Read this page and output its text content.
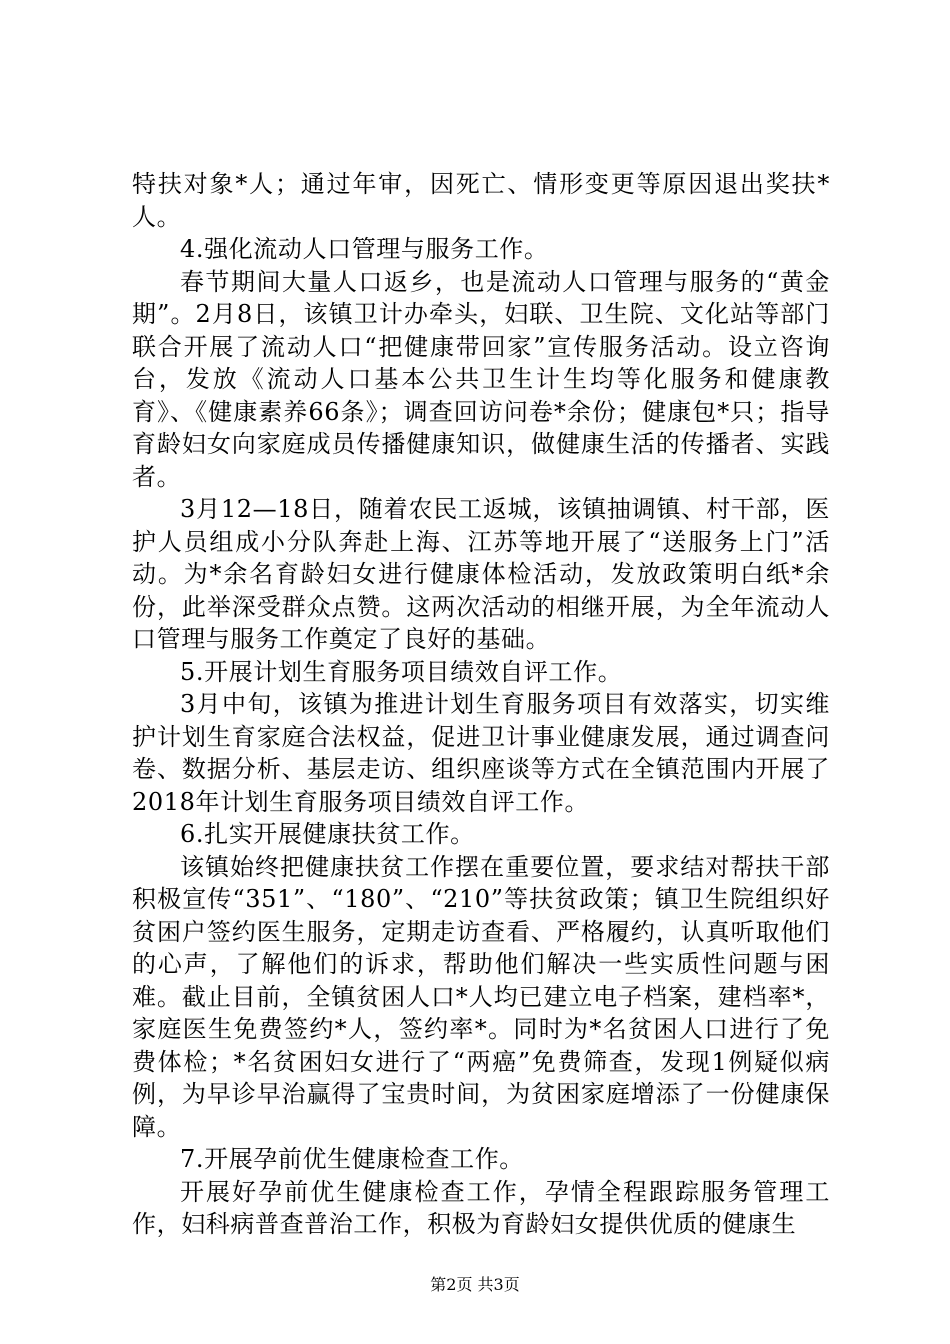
特扶对象*人；通过年审，因死亡、情形变更等原因退出奖扶*人。

4.强化流动人口管理与服务工作。

春节期间大量人口返乡，也是流动人口管理与服务的“黄金期”。2月8日，该镇卫计办牵头，妇联、卫生院、文化站等部门联合开展了流动人口“把健康带回家”宣传服务活动。设立咨询台，发放《流动人口基本公共卫生计生均等化服务和健康教育》、《健康素养66条》；调查回访问卷*余份；健康包*只；指导育龄妇女向家庭成员传播健康知识，做健康生活的传播者、实践者。

3月12—18日，随着农民工返城，该镇抽调镇、村干部，医护人员组成小分队奔赴上海、江苏等地开展了“送服务上门”活动。为*余名育龄妇女进行健康体检活动，发放政策明白纸*余份，此举深受群众点赞。这两次活动的相继开展，为全年流动人口管理与服务工作奠定了良好的基础。

5.开展计划生育服务项目绩效自评工作。

3月中旬，该镇为推进计划生育服务项目有效落实，切实维护计划生育家庭合法权益，促进卫计事业健康发展，通过调查问卷、数据分析、基层走访、组织座谈等方式在全镇范围内开展了2018年计划生育服务项目绩效自评工作。

6.扎实开展健康扶贫工作。

该镇始终把健康扶贫工作摆在重要位置，要求结对帮扶干部积极宣传“351”、“180”、“210”等扶贫政策；镇卫生院组织好贫困户签约医生服务，定期走访查看、严格履约，认真听取他们的心声，了解他们的诉求，帮助他们解决一些实质性问题与困难。截止目前，全镇贫困人口*人均已建立电子档案，建档率*，家庭医生免费签约*人，签约率*。同时为*名贫困人口进行了免费体检；*名贫困妇女进行了“两癌”免费筛查，发现1例疑似病例，为早诊早治赢得了宝贵时间，为贫困家庭增添了一份健康保障。

7.开展孕前优生健康检查工作。

开展好孕前优生健康检查工作，孕情全程跟踪服务管理工作，妇科病普查普治工作，积极为育龄妇女提供优质的健康生

第2页 共3页
